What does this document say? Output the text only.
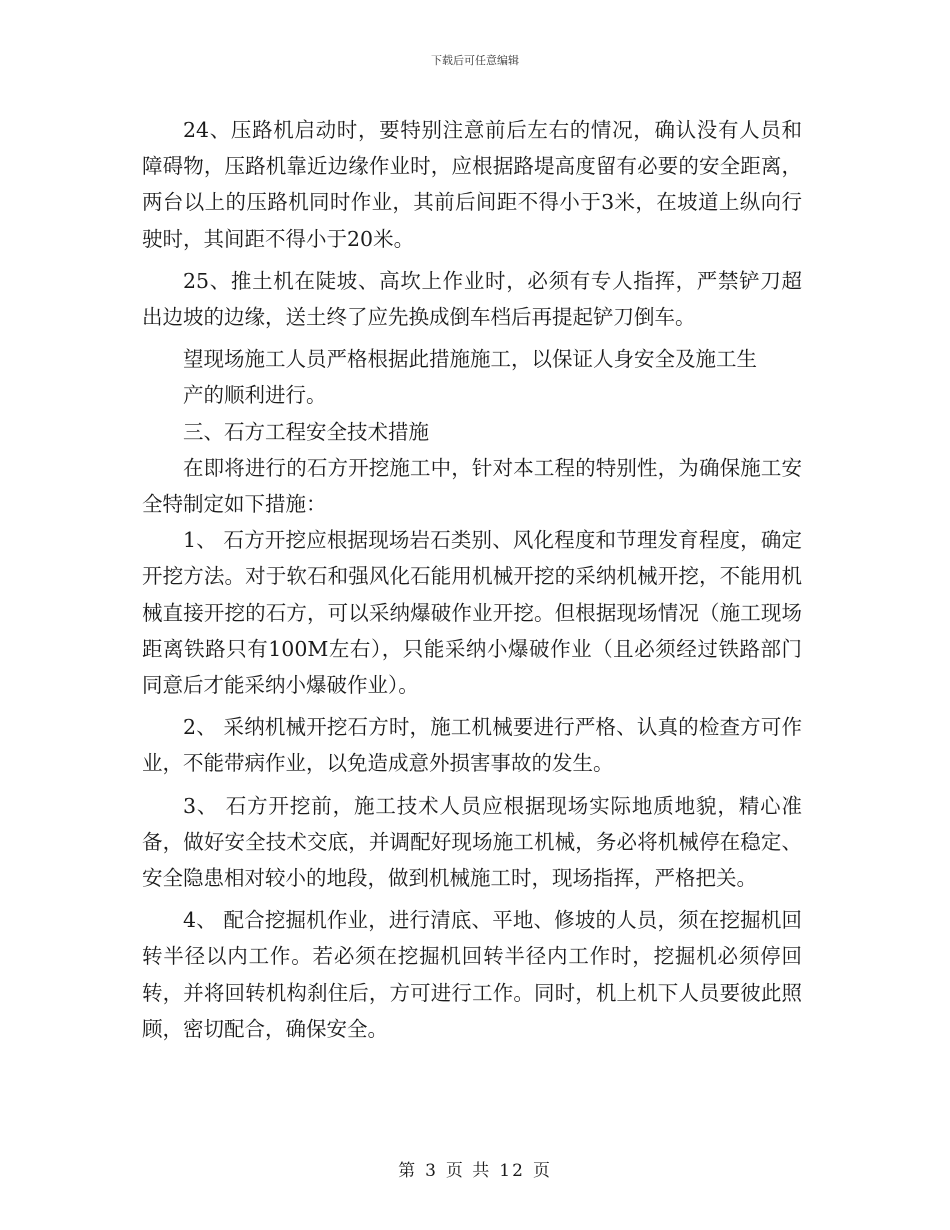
下载后可任意编辑

24、压路机启动时，要特别注意前后左右的情况，确认没有人员和障碍物，压路机靠近边缘作业时，应根据路堤高度留有必要的安全距离，两台以上的压路机同时作业，其前后间距不得小于3米，在坡道上纵向行驶时，其间距不得小于20米。

25、推土机在陡坡、高坎上作业时，必须有专人指挥，严禁铲刀超出边坡的边缘，送土终了应先换成倒车档后再提起铲刀倒车。

望现场施工人员严格根据此措施施工，以保证人身安全及施工生

产的顺利进行。

三、石方工程安全技术措施

在即将进行的石方开挖施工中，针对本工程的特别性，为确保施工安全特制定如下措施：

1、 石方开挖应根据现场岩石类别、风化程度和节理发育程度，确定开挖方法。对于软石和强风化石能用机械开挖的采纳机械开挖，不能用机械直接开挖的石方，可以采纳爆破作业开挖。但根据现场情况（施工现场距离铁路只有100M左右），只能采纳小爆破作业（且必须经过铁路部门同意后才能采纳小爆破作业）。

2、 采纳机械开挖石方时，施工机械要进行严格、认真的检查方可作业，不能带病作业，以免造成意外损害事故的发生。

3、 石方开挖前，施工技术人员应根据现场实际地质地貌，精心准备，做好安全技术交底，并调配好现场施工机械，务必将机械停在稳定、安全隐患相对较小的地段，做到机械施工时，现场指挥，严格把关。

4、 配合挖掘机作业，进行清底、平地、修坡的人员，须在挖掘机回转半径以内工作。若必须在挖掘机回转半径内工作时，挖掘机必须停回转，并将回转机构刹住后，方可进行工作。同时，机上机下人员要彼此照顾，密切配合，确保安全。

第 3 页 共 12 页
